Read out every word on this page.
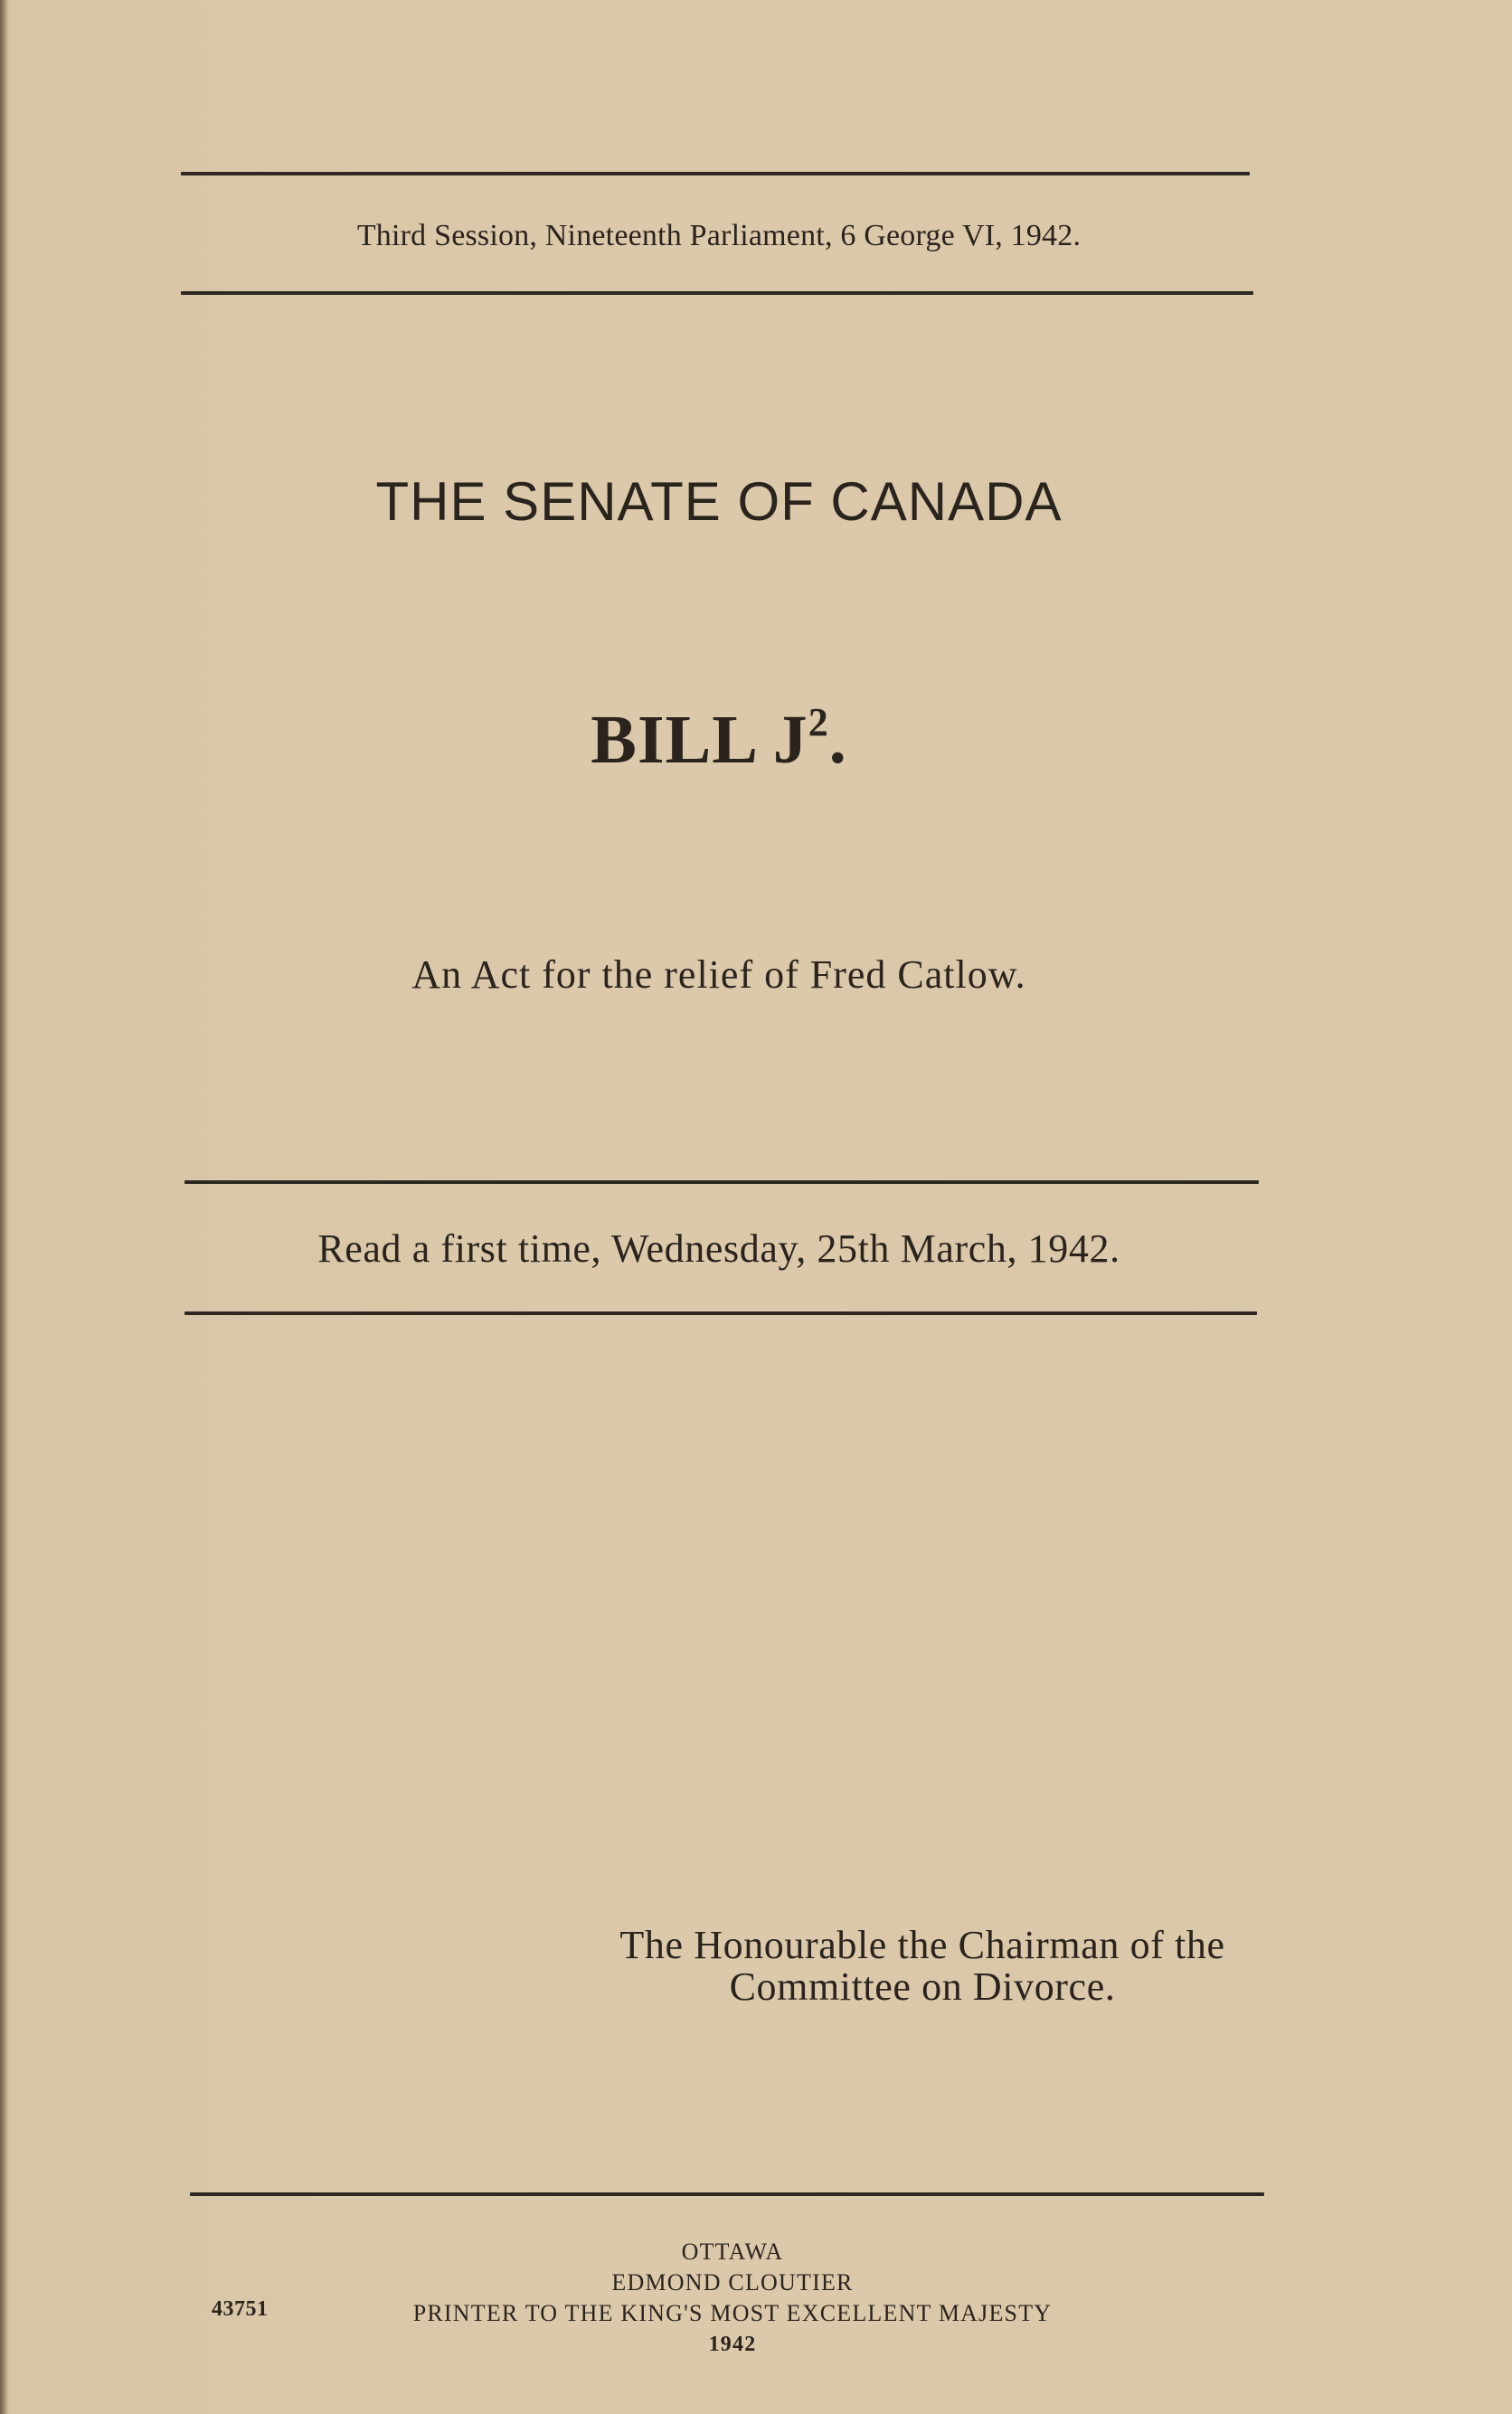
Third Session, Nineteenth Parliament, 6 George VI, 1942.
THE SENATE OF CANADA
BILL $J^2$.
An Act for the relief of Fred Catlow.
Read a first time, Wednesday, 25th March, 1942.
The Honourable the Chairman of the
Committee on Divorce.
OTTAWA
EDMOND CLOUTIER
PRINTER TO THE KING'S MOST EXCELLENT MAJESTY
1942
43751
